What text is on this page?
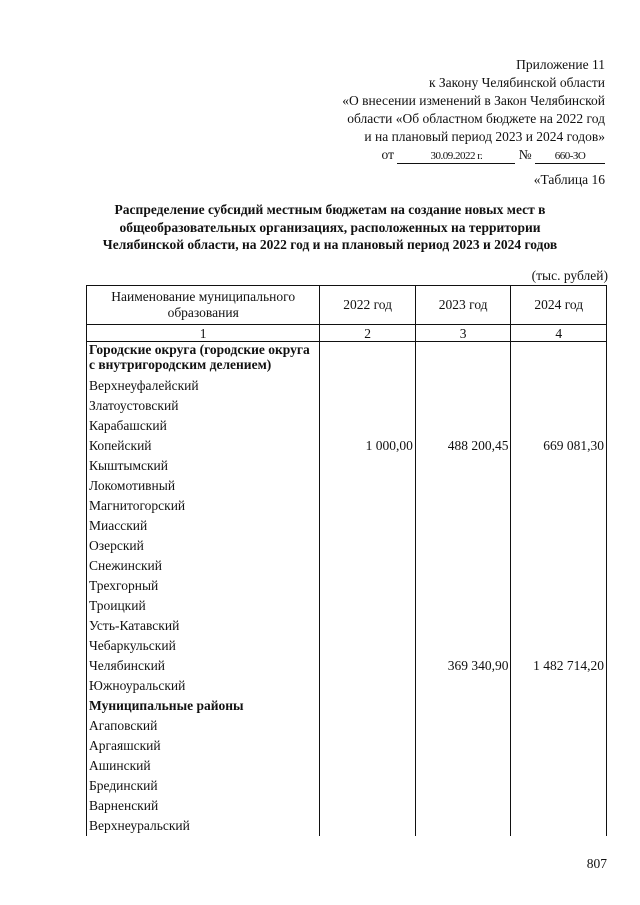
Приложение 11
к Закону Челябинской области
«О внесении изменений в Закон Челябинской
области «Об областном бюджете на 2022 год
и на плановый период 2023 и 2024 годов»
от	30.09.2022 г.	№ 660-ЗО
«Таблица 16
Распределение субсидий местным бюджетам на создание новых мест в общеобразовательных организациях, расположенных на территории Челябинской области, на 2022 год и на плановый период 2023 и 2024 годов
(тыс. рублей)
Наименование муниципального образования	2022 год	2023 год	2024 год
1	2	3	4
Городские округа (городские округа с внутригородским делением)			
Верхнеуфалейский			
Златоустовский			
Карабашский			
Копейский	1 000,00	488 200,45	669 081,30
Кыштымский			
Локомотивный			
Магнитогорский			
Миасский			
Озерский			
Снежинский			
Трехгорный			
Троицкий			
Усть-Катавский			
Чебаркульский			
Челябинский		369 340,90	1 482 714,20
Южноуральский			
Муниципальные районы			
Агаповский			
Аргаяшский			
Ашинский			
Брединский			
Варненский			
Верхнеуральский			
807
